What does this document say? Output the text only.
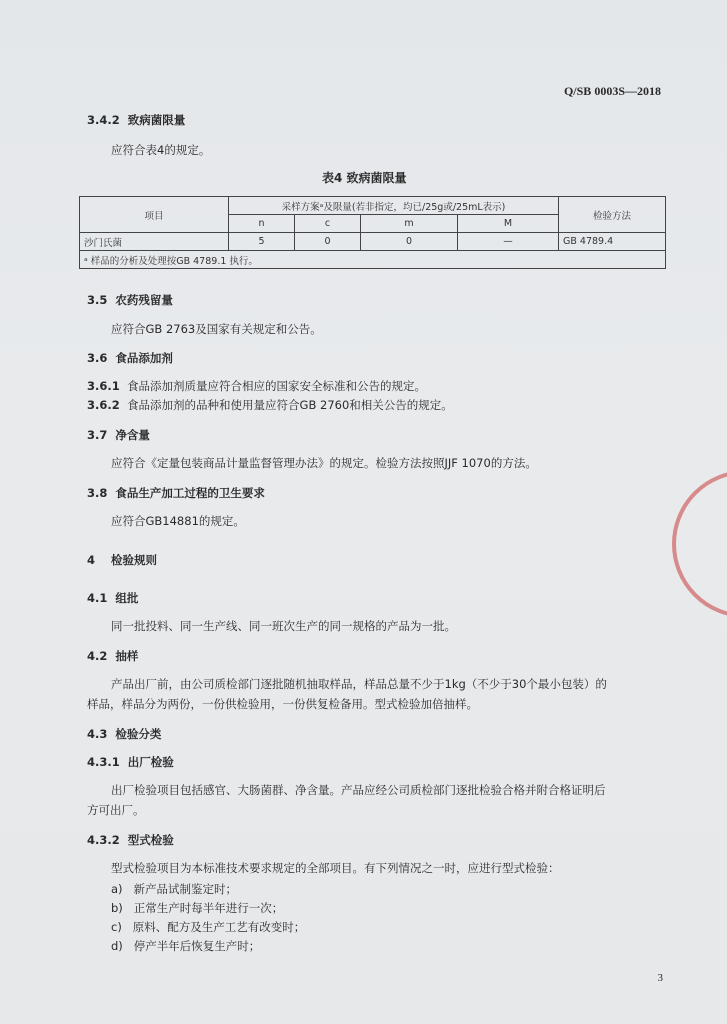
Q/SB 0003S—2018
3.4.2 致病菌限量
应符合表4的规定。
表4 致病菌限量
项目	采样方案ᵃ及限量(若非指定，均已/25g或/25mL表示)				检验方法
	n	c	m	M	
沙门氏菌	5	0	0	—	GB 4789.4
ᵃ 样品的分析及处理按GB 4789.1 执行。					
3.5 农药残留量
应符合GB 2763及国家有关规定和公告。
3.6 食品添加剂
3.6.1 食品添加剂质量应符合相应的国家安全标准和公告的规定。
3.6.2 食品添加剂的品种和使用量应符合GB 2760和相关公告的规定。
3.7 净含量
应符合《定量包装商品计量监督管理办法》的规定。检验方法按照JJF 1070的方法。
3.8 食品生产加工过程的卫生要求
应符合GB14881的规定。
4 检验规则
4.1 组批
同一批投料、同一生产线、同一班次生产的同一规格的产品为一批。
4.2 抽样
产品出厂前，由公司质检部门逐批随机抽取样品，样品总量不少于1kg（不少于30个最小包装）的
样品，样品分为两份，一份供检验用，一份供复检备用。型式检验加倍抽样。
4.3 检验分类
4.3.1 出厂检验
出厂检验项目包括感官、大肠菌群、净含量。产品应经公司质检部门逐批检验合格并附合格证明后
方可出厂。
4.3.2 型式检验
型式检验项目为本标准技术要求规定的全部项目。有下列情况之一时，应进行型式检验：
a) 新产品试制鉴定时；
b) 正常生产时每半年进行一次；
c) 原料、配方及生产工艺有改变时；
d) 停产半年后恢复生产时；
3
